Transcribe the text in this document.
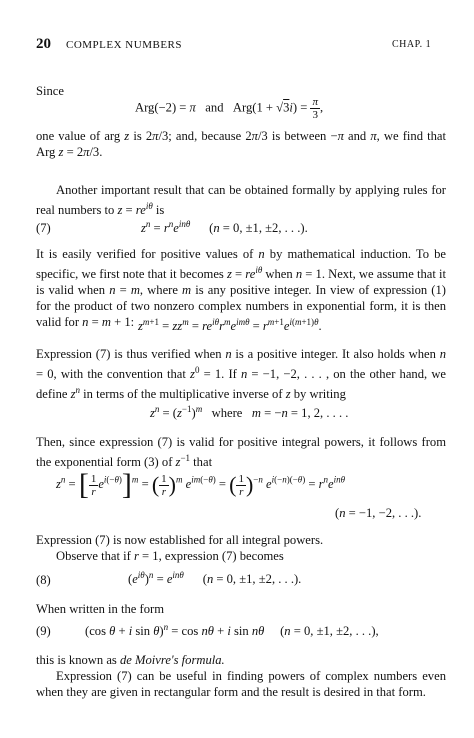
20 COMPLEX NUMBERS	CHAP. 1
Since
Arg(−2) = π   and   $Arg(1 + √3i) = \frac{\pi}{3}$ ,
one value of arg z is 2π/3; and, because 2π/3 is between −π and π, we find that Arg z = 2π/3.
Another important result that can be obtained formally by applying rules for real numbers to $z = re^{i\theta}$ is
(7)	$z^n = r^ne^{in\theta}$      (n = 0, ±1, ±2, . . .).
It is easily verified for positive values of n by mathematical induction. To be specific, we first note that it becomes $z = re^{i\theta}$ when n = 1. Next, we assume that it is valid when n = m, where m is any positive integer. In view of expression (1) for the product of two nonzero complex numbers in exponential form, it is then valid for n = m + 1: $z^{m+1} = zz^m = re^{i\theta}r^me^{im\theta} = r^{m+1}e^{i(m+1)\theta}$.
Expression (7) is thus verified when n is a positive integer. It also holds when n = 0, with the convention that $z^0 = 1$. If n = −1, −2, . . . , on the other hand, we define $z^n$ in terms of the multiplicative inverse of z by writing
$z^n = (z^{-1})^m$   where   m = −n = 1, 2, . . . .
Then, since expression (7) is valid for positive integral powers, it follows from the exponential form (3) of $z^{-1}$ that
$z^n$ = [ $\frac{1}{r} e^{i(-\theta)}]^m$ = ( $\frac{1}{r} )^m$ $e^{im(-\theta)}$ = ( $\frac{1}{r} )^{-n}$ $e^{i(-n)(-\theta)} = r^ne^{in\theta}$
(n = −1, −2, . . .).
Expression (7) is now established for all integral powers.
Observe that if r = 1, expression (7) becomes
(8)	$(e^{i\theta})^n = e^{in\theta}$      (n = 0, ±1, ±2, . . .).
When written in the form
(9)	(cos θ + i sin θ)$^n$ = cos nθ + i sin nθ     (n = 0, ±1, ±2, . . .),
this is known as de Moivre's formula.
Expression (7) can be useful in finding powers of complex numbers even when they are given in rectangular form and the result is desired in that form.
